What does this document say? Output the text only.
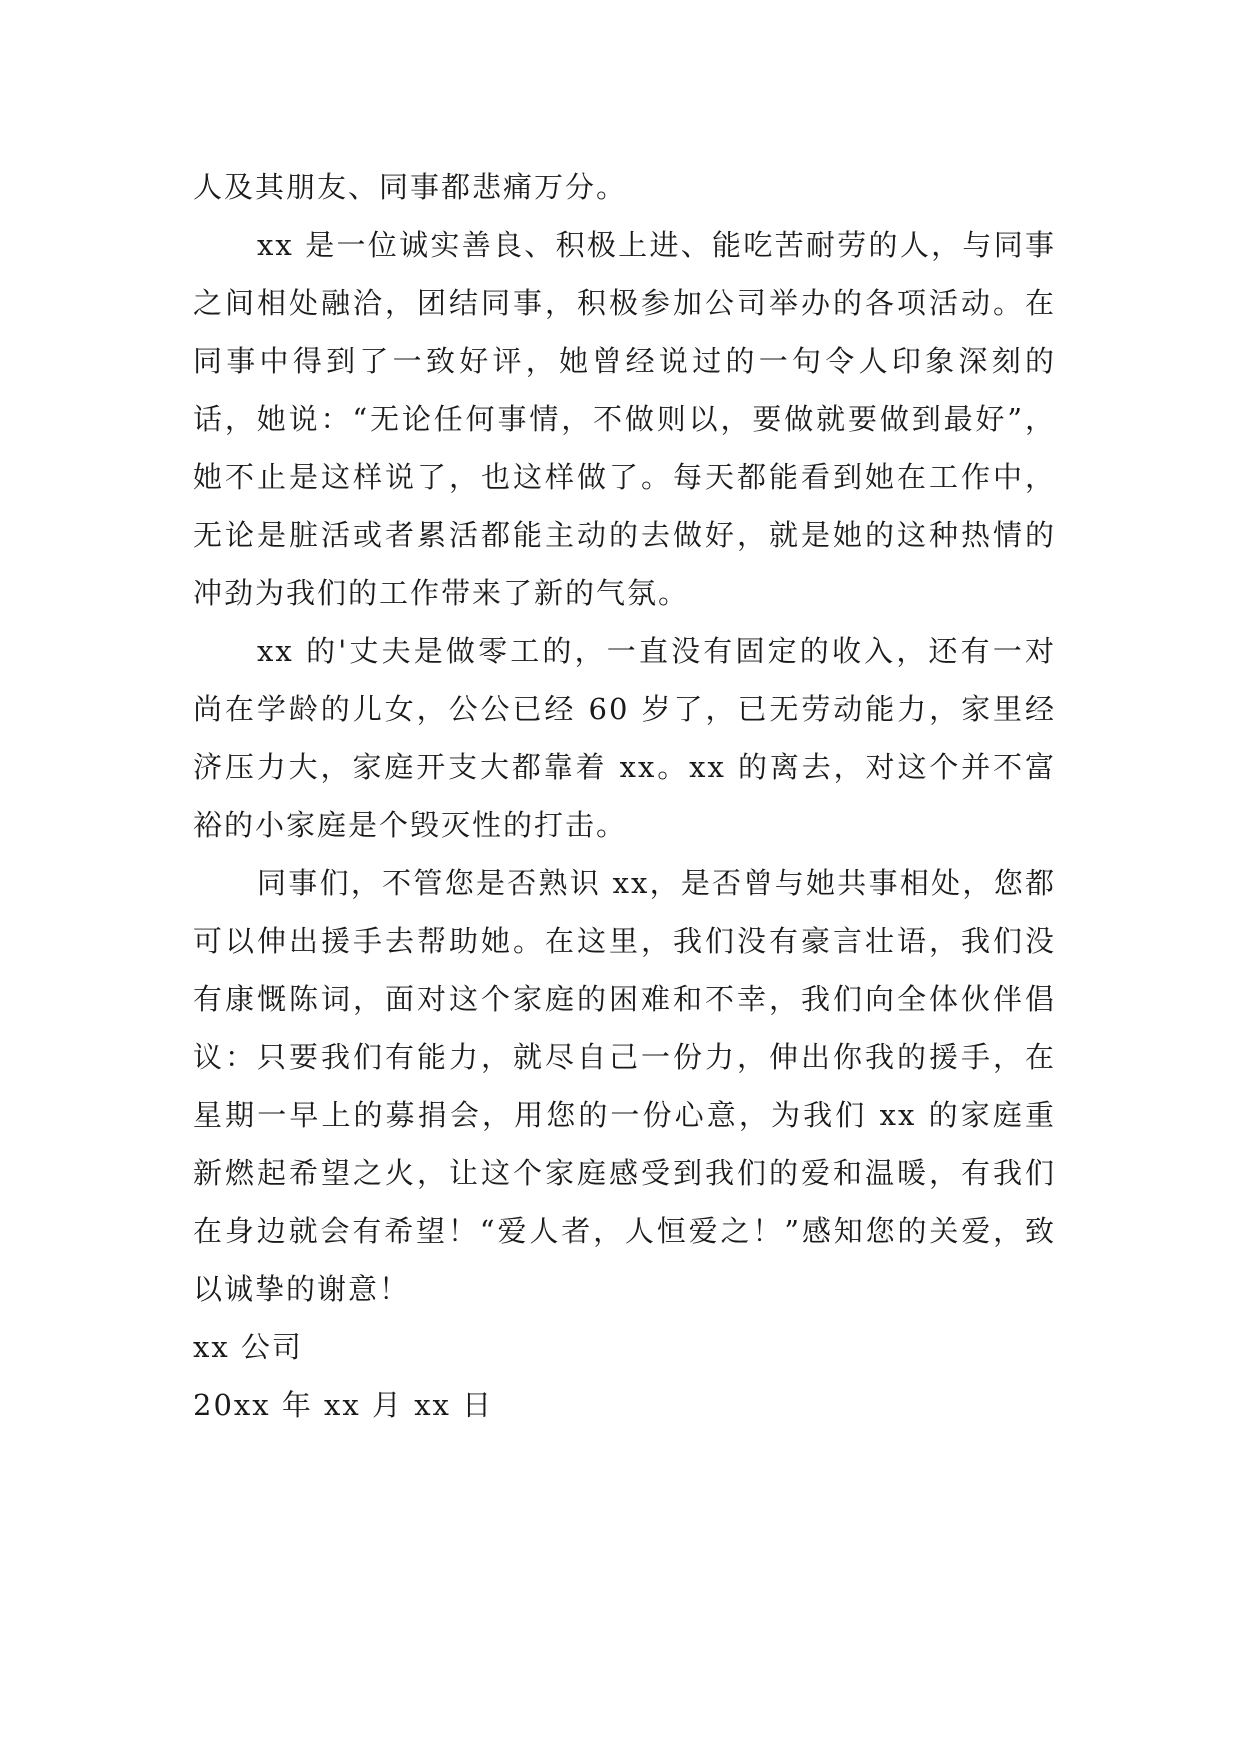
人及其朋友、同事都悲痛万分。

xx 是一位诚实善良、积极上进、能吃苦耐劳的人，与同事之间相处融洽，团结同事，积极参加公司举办的各项活动。在同事中得到了一致好评，她曾经说过的一句令人印象深刻的话，她说：“无论任何事情，不做则以，要做就要做到最好”，她不止是这样说了，也这样做了。每天都能看到她在工作中，无论是脏活或者累活都能主动的去做好，就是她的这种热情的冲劲为我们的工作带来了新的气氛。

xx 的'丈夫是做零工的，一直没有固定的收入，还有一对尚在学龄的儿女，公公已经 60 岁了，已无劳动能力，家里经济压力大，家庭开支大都靠着 xx。xx 的离去，对这个并不富裕的小家庭是个毁灭性的打击。

同事们，不管您是否熟识 xx，是否曾与她共事相处，您都可以伸出援手去帮助她。在这里，我们没有豪言壮语，我们没有康慨陈词，面对这个家庭的困难和不幸，我们向全体伙伴倡议：只要我们有能力，就尽自己一份力，伸出你我的援手，在星期一早上的募捐会，用您的一份心意，为我们 xx 的家庭重新燃起希望之火，让这个家庭感受到我们的爱和温暖，有我们在身边就会有希望！“爱人者，人恒爱之！”感知您的关爱，致以诚挚的谢意！

xx 公司

20xx 年 xx 月 xx 日
